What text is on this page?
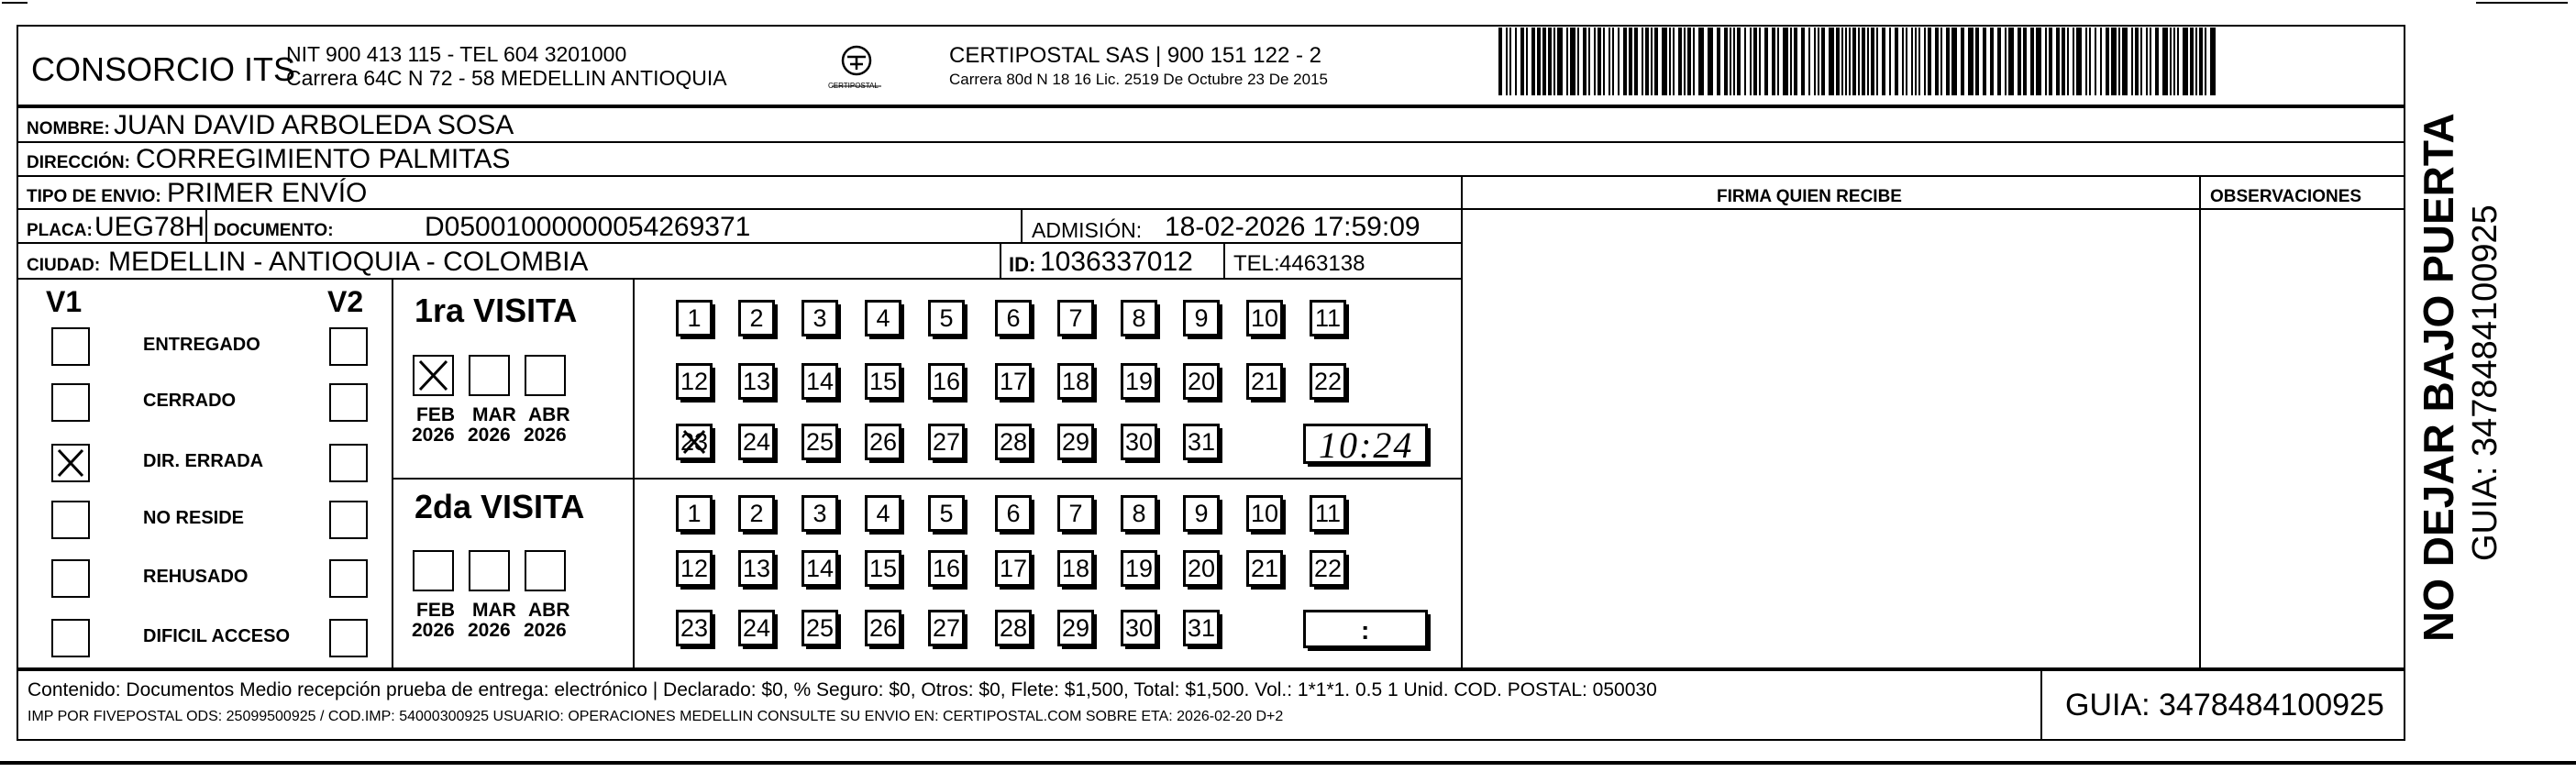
CONSORCIO ITS
NIT 900 413 115 - TEL 604 3201000
Carrera 64C N 72 - 58 MEDELLIN ANTIOQUIA	CERTIPOSTAL
CERTIPOSTAL SAS | 900 151 122 - 2
Carrera 80d N 18 16 Lic. 2519 De Octubre 23 De 2015
NOMBRE: JUAN DAVID ARBOLEDA SOSA
DIRECCIÓN: CORREGIMIENTO PALMITAS
TIPO DE ENVIO: PRIMER ENVÍO	FIRMA QUIEN RECIBE	OBSERVACIONES
PLACA: UEG78H DOCUMENTO:	D05001000000054269371	ADMISIÓN: 18-02-2026 17:59:09
CIUDAD: MEDELLIN - ANTIOQUIA - COLOMBIA	ID: 1036337012 TEL: 4463138
V1	V2
ENTREGADO
CERRADO
DIR. ERRADA
NO RESIDE
REHUSADO
DIFICIL ACCESO
1ra VISITA
2da VISITA
FEB
2026
MAR
2026
ABR
2026
FEB
2026
MAR
2026
ABR
2026
1 2 3 4 5 6 7 8 9 10 11
12 13 14 15 16 17 18 19 20 21 22
23 24 25 26 27 28 29 30 31
1 2 3 4 5 6 7 8 9 10 11
12 13 14 15 16 17 18 19 20 21 22
23 24 25 26 27 28 29 30 31
10:24
:
Contenido: Documentos Medio recepción prueba de entrega: electrónico | Declarado: $0, % Seguro: $0, Otros: $0, Flete: $1,500, Total: $1,500. Vol.: 1*1*1. 0.5 1 Unid. COD. POSTAL: 050030
IMP POR FIVEPOSTAL ODS: 25099500925 / COD.IMP: 54000300925 USUARIO: OPERACIONES MEDELLIN CONSULTE SU ENVIO EN: CERTIPOSTAL.COM SOBRE ETA: 2026-02-20 D+2	GUIA: 3478484100925
NO DEJAR BAJO PUERTA GUIA: 3478484100925
